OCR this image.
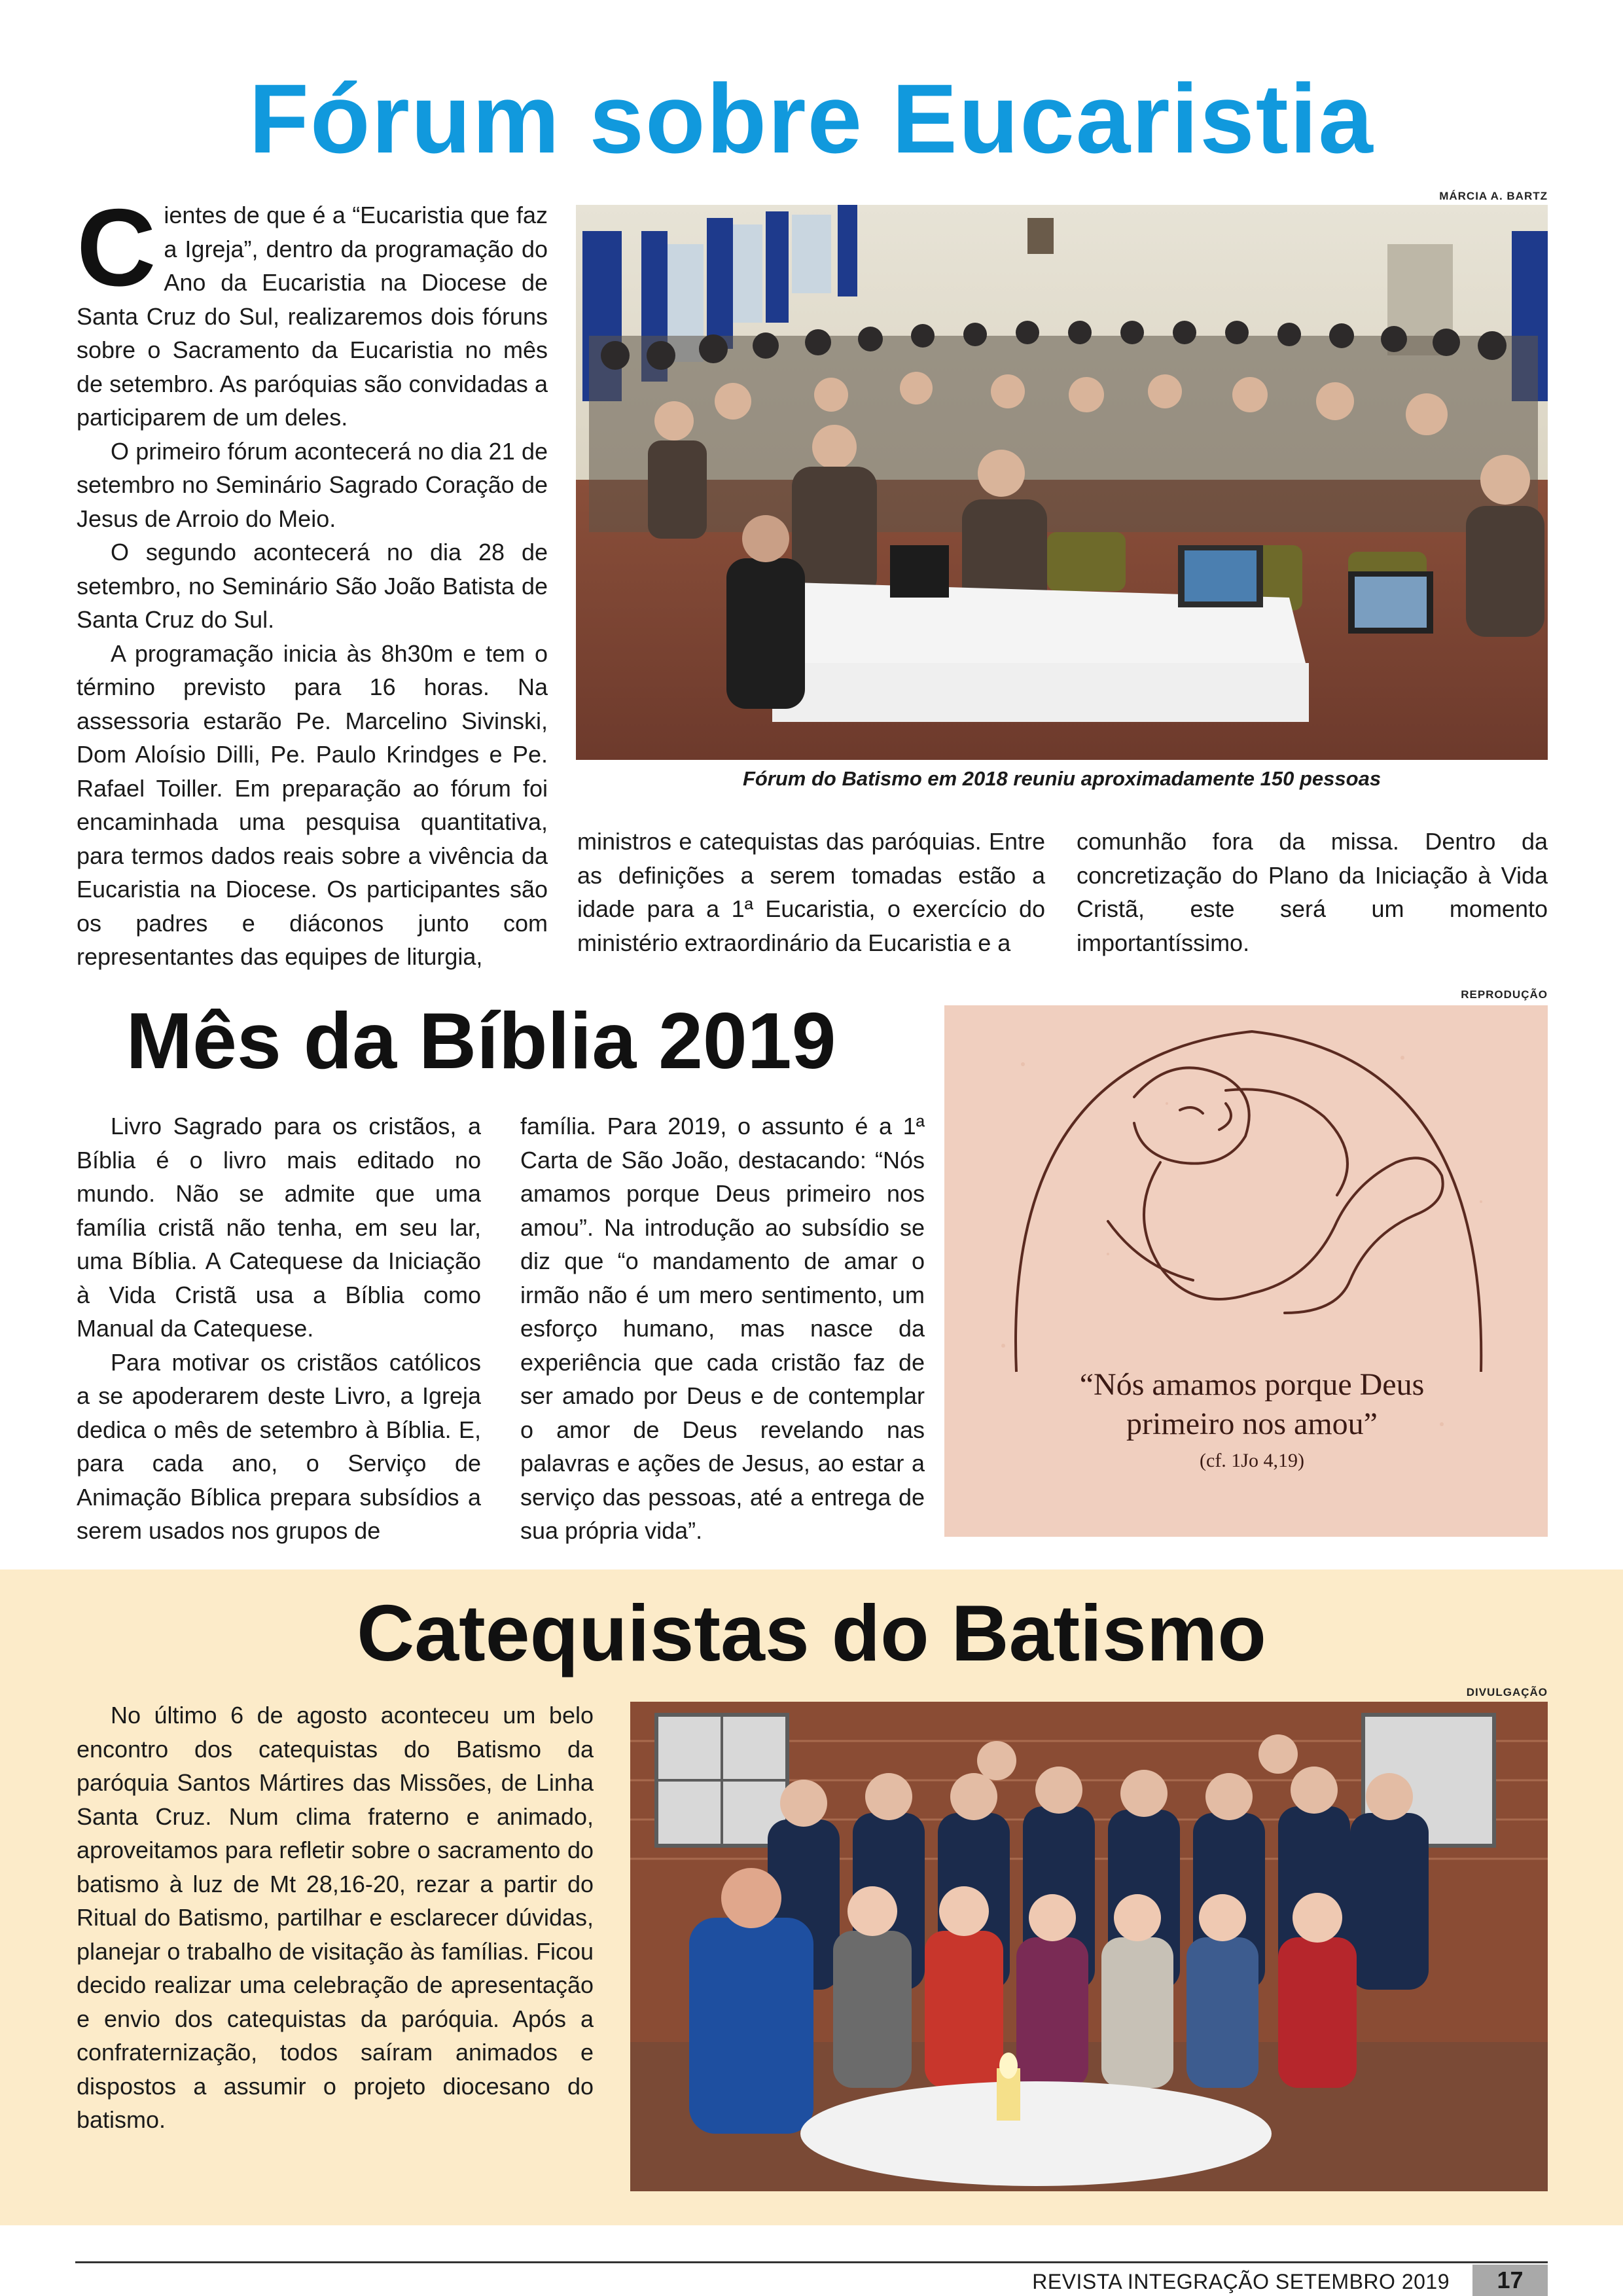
Fórum sobre Eucaristia
MÁRCIA A. BARTZ
C ientes de que é a “Eucaristia que faz a Igreja”, dentro da programação do Ano da Eucaristia na Diocese de Santa Cruz do Sul, realizaremos dois fóruns sobre o Sacramento da Eucaristia no mês de setembro. As paróquias são convidadas a participarem de um deles.

O primeiro fórum acontecerá no dia 21 de setembro no Seminário Sagrado Coração de Jesus de Arroio do Meio.

O segundo acontecerá no dia 28 de setembro, no Seminário São João Batista de Santa Cruz do Sul.

A programação inicia às 8h30m e tem o término previsto para 16 horas. Na assessoria estarão Pe. Marcelino Sivinski, Dom Aloísio Dilli, Pe. Paulo Krindges e Pe. Rafael Toiller. Em preparação ao fórum foi encaminhada uma pesquisa quantitativa, para termos dados reais sobre a vivência da Eucaristia na Diocese. Os participantes são os padres e diáconos junto com representantes das equipes de liturgia,

Fórum do Batismo em 2018 reuniu aproximadamente 150 pessoas
ministros e catequistas das paróquias. Entre as definições a serem tomadas estão a idade para a 1ª Eucaristia, o exercício do ministério extraordinário da Eucaristia e a
comunhão fora da missa. Dentro da concretização do Plano da Iniciação à Vida Cristã, este será um momento importantíssimo.
Mês da Bíblia 2019
REPRODUÇÃO

Livro Sagrado para os cristãos, a Bíblia é o livro mais editado no mundo. Não se admite que uma família cristã não tenha, em seu lar, uma Bíblia. A Catequese da Iniciação à Vida Cristã usa a Bíblia como Manual da Catequese.

Para motivar os cristãos católicos a se apoderarem deste Livro, a Igreja dedica o mês de setembro à Bíblia. E, para cada ano, o Serviço de Animação Bíblica prepara subsídios a serem usados nos grupos de

família. Para 2019, o assunto é a 1ª Carta de São João, destacando: “Nós amamos porque Deus primeiro nos amou”. Na introdução ao subsídio se diz que “o mandamento de amar o irmão não é um mero sentimento, um esforço humano, mas nasce da experiência que cada cristão faz de ser amado por Deus e de contemplar o amor de Deus revelando nas palavras e ações de Jesus, ao estar a serviço das pessoas, até a entrega de sua própria vida”.
“Nós amamos porque Deus
primeiro nos amou”
(cf. 1Jo 4,19)
Catequistas do Batismo
DIVULGAÇÃO

No último 6 de agosto aconteceu um belo encontro dos catequistas do Batismo da paróquia Santos Mártires das Missões, de Linha Santa Cruz. Num clima fraterno e animado, aproveitamos para refletir sobre o sacramento do batismo à luz de Mt 28,16-20, rezar a partir do Ritual do Batismo, partilhar e esclarecer dúvidas, planejar o trabalho de visitação às famílias. Ficou decido realizar uma celebração de apresentação e envio dos catequistas da paróquia. Após a confraternização, todos saíram animados e dispostos a assumir o projeto diocesano do batismo.

REVISTA INTEGRAÇÃO SETEMBRO 2019	17
